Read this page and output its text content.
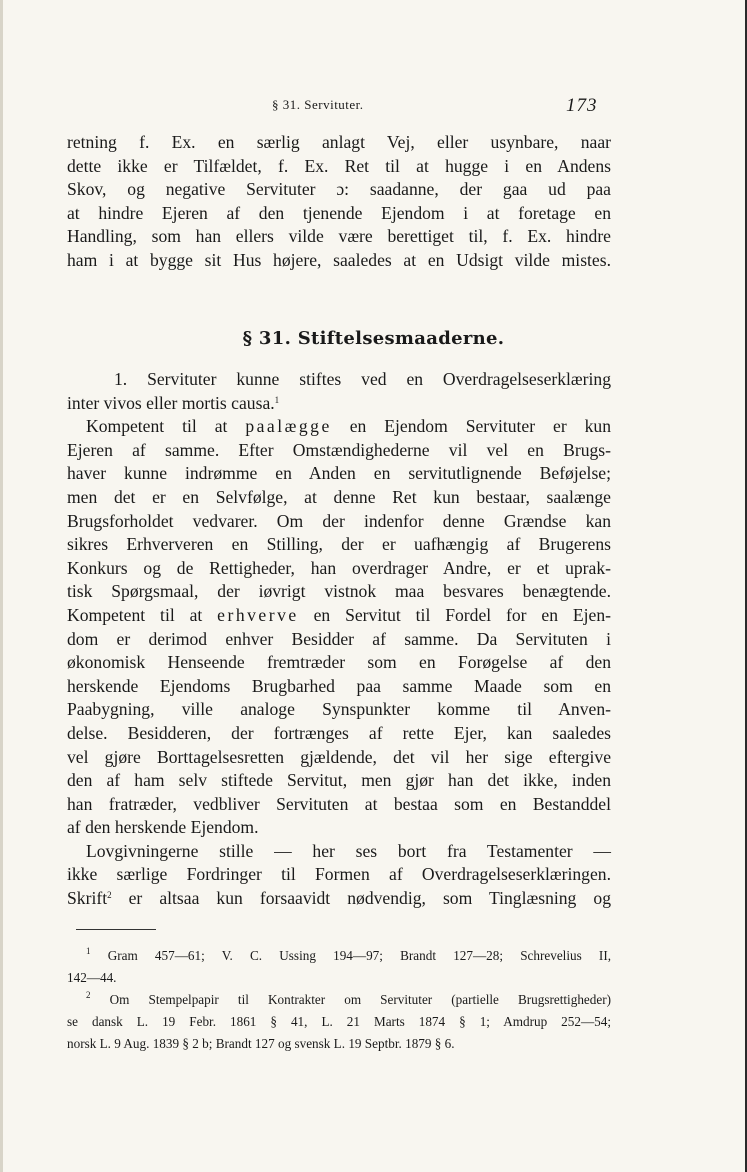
§ 31. Servituter.	173
retning f. Ex. en særlig anlagt Vej, eller usynbare, naar
dette ikke er Tilfældet, f. Ex. Ret til at hugge i en Andens
Skov, og negative Servituter ɔ: saadanne, der gaa ud paa
at hindre Ejeren af den tjenende Ejendom i at foretage en
Handling, som han ellers vilde være berettiget til, f. Ex. hindre
ham i at bygge sit Hus højere, saaledes at en Udsigt vilde mistes.
§ 31. Stiftelsesmaaderne.
1. Servituter kunne stiftes ved en Overdragelseserklæring
inter vivos eller mortis causa.$^1$
Kompetent til at paalægge en Ejendom Servituter er kun
Ejeren af samme. Efter Omstændighederne vil vel en Brugs-
haver kunne indrømme en Anden en servitutlignende Beføjelse;
men det er en Selvfølge, at denne Ret kun bestaar, saalænge
Brugsforholdet vedvarer. Om der indenfor denne Grændse kan
sikres Erhververen en Stilling, der er uafhængig af Brugerens
Konkurs og de Rettigheder, han overdrager Andre, er et uprak-
tisk Spørgsmaal, der iøvrigt vistnok maa besvares benægtende.
Kompetent til at erhverve en Servitut til Fordel for en Ejen-
dom er derimod enhver Besidder af samme. Da Servituten i
økonomisk Henseende fremtræder som en Forøgelse af den
herskende Ejendoms Brugbarhed paa samme Maade som en
Paabygning, ville analoge Synspunkter komme til Anven-
delse. Besidderen, der fortrænges af rette Ejer, kan saaledes
vel gjøre Borttagelsesretten gjældende, det vil her sige eftergive
den af ham selv stiftede Servitut, men gjør han det ikke, inden
han fratræder, vedbliver Servituten at bestaa som en Bestanddel
af den herskende Ejendom.
Lovgivningerne stille — her ses bort fra Testamenter —
ikke særlige Fordringer til Formen af Overdragelseserklæringen.
Skrift$^2$ er altsaa kun forsaavidt nødvendig, som Tinglæsning og
$^1$ Gram 457—61; V. C. Ussing 194—97; Brandt 127—28; Schrevelius II,
142—44.
$^2$ Om Stempelpapir til Kontrakter om Servituter (partielle Brugsrettigheder)
se dansk L. 19 Febr. 1861 § 41, L. 21 Marts 1874 § 1; Amdrup 252—54;
norsk L. 9 Aug. 1839 § 2 b; Brandt 127 og svensk L. 19 Septbr. 1879 § 6.
